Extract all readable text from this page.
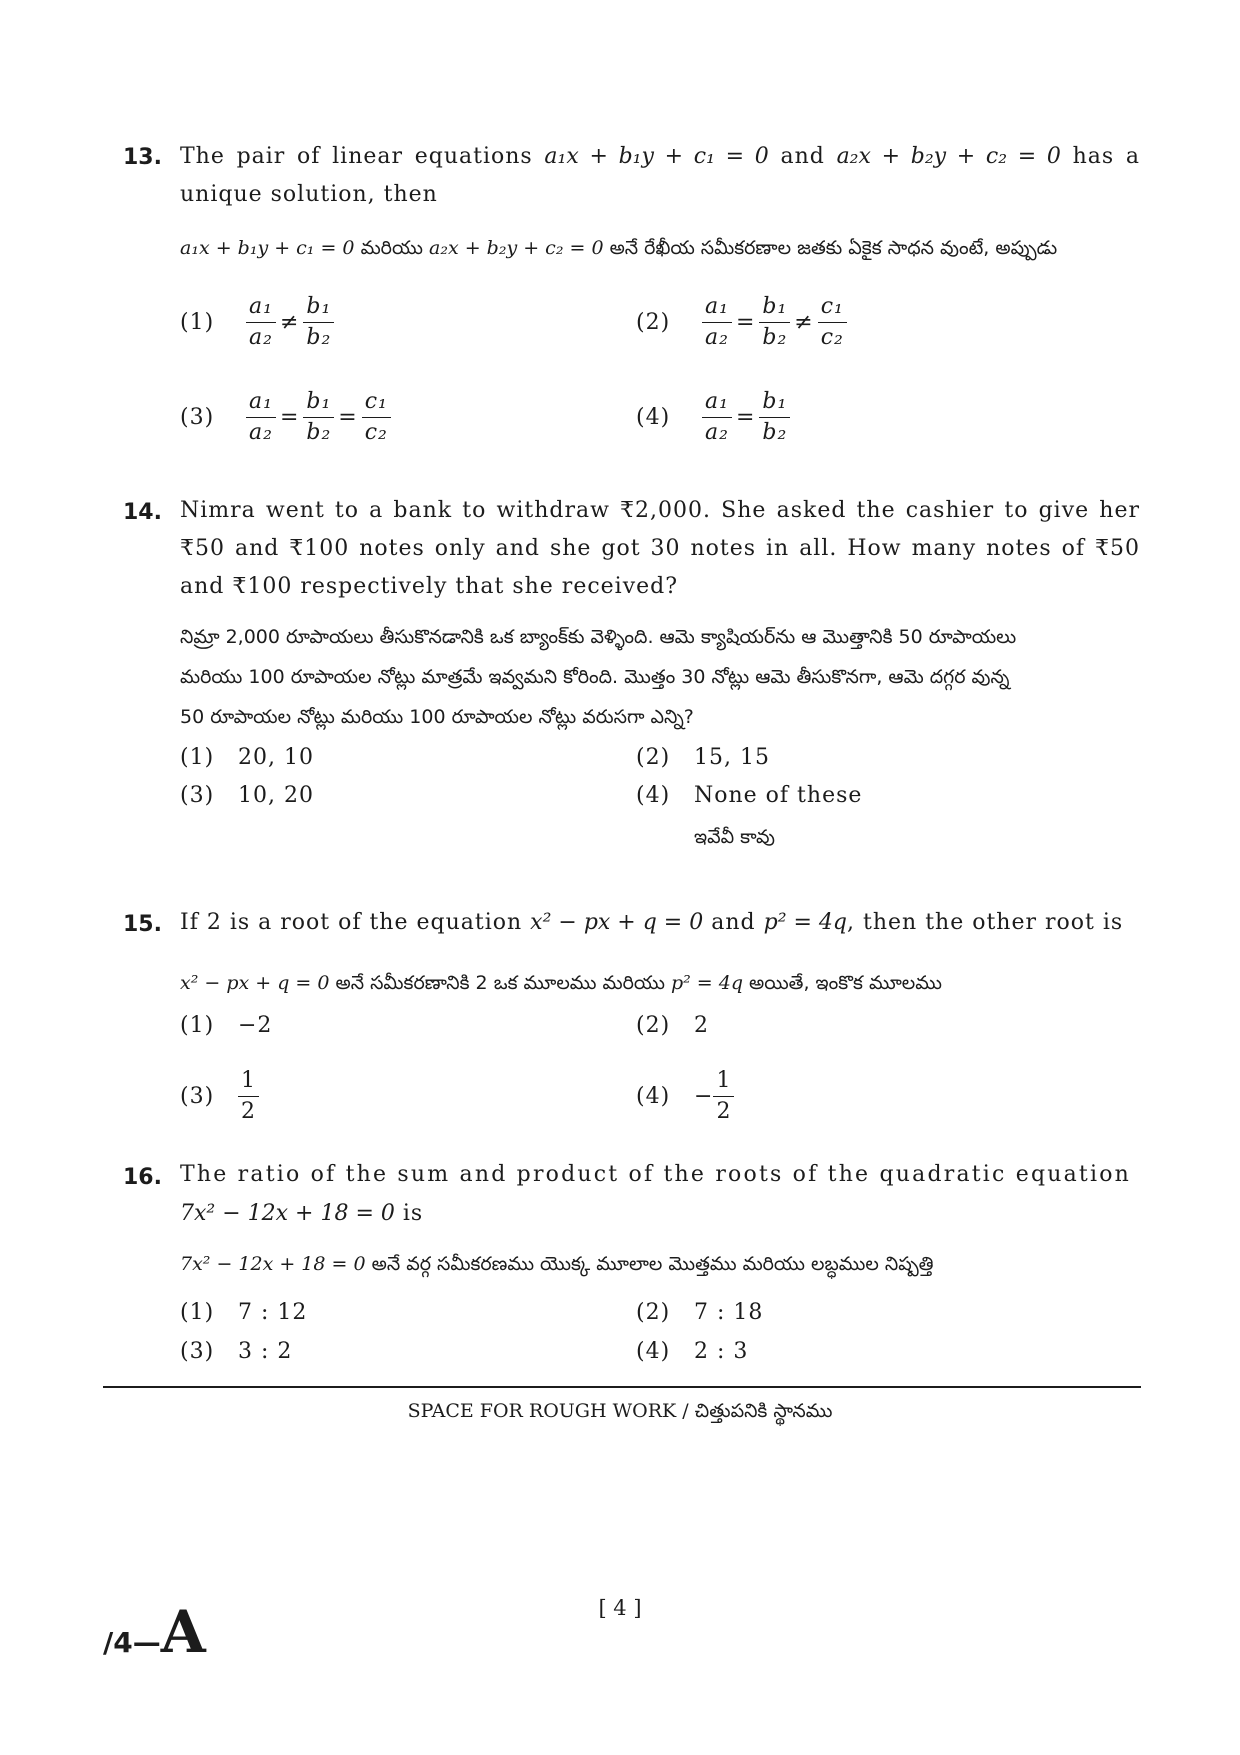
13. The pair of linear equations a₁x + b₁y + c₁ = 0 and a₂x + b₂y + c₂ = 0 has a unique solution, then
a₁x + b₁y + c₁ = 0 మరియు a₂x + b₂y + c₂ = 0 అనే రేఖీయ సమీకరణాల జతకు ఏకైక సాధన వుంటే, అప్పుడు
$(1) \frac{\text{a₁}}{\text{a₂}} \ne \frac{\text{b₁}}{\text{b₂}}$	$(2) \frac{\text{a₁}}{\text{a₂}} = \frac{\text{b₁}}{\text{b₂}} \ne \frac{\text{c₁}}{\text{c₂}}$
$(3) \frac{\text{a₁}}{\text{a₂}} = \frac{\text{b₁}}{\text{b₂}} = \frac{\text{c₁}}{\text{c₂}}$	$(4) \frac{\text{a₁}}{\text{a₂}} = \frac{\text{b₁}}{\text{b₂}}$
14. Nimra went to a bank to withdraw ₹2,000. She asked the cashier to give her ₹50 and ₹100 notes only and she got 30 notes in all. How many notes of ₹50 and ₹100 respectively that she received?
నిమ్రా 2,000 రూపాయలు తీసుకొనడానికి ఒక బ్యాంక్‌కు వెళ్ళింది. ఆమె క్యాషియర్‌ను ఆ మొత్తానికి 50 రూపాయలు
మరియు 100 రూపాయల నోట్లు మాత్రమే ఇవ్వమని కోరింది. మొత్తం 30 నోట్లు ఆమె తీసుకొనగా, ఆమె దగ్గర వున్న
50 రూపాయల నోట్లు మరియు 100 రూపాయల నోట్లు వరుసగా ఎన్ని?
(1) 20, 10	(2) 15, 15
(3) 10, 20	(4) None of these
ఇవేవీ కావు
15. If 2 is a root of the equation x² − px + q = 0 and p² = 4q, then the other root is
x² − px + q = 0 అనే సమీకరణానికి 2 ఒక మూలము మరియు p² = 4q అయితే, ఇంకొక మూలము
(1) −2	(2) 2
$(3) \frac{1}{2}$	$(4) - \frac{1}{2}$
16. The ratio of the sum and product of the roots of the quadratic equation
7x² − 12x + 18 = 0 is
7x² − 12x + 18 = 0 అనే వర్గ సమీకరణము యొక్క మూలాల మొత్తము మరియు లబ్ధముల నిష్పత్తి
(1) 7 : 12	(2) 7 : 18
(3) 3 : 2	(4) 2 : 3
SPACE FOR ROUGH WORK / చిత్తుపనికి స్థానము
/4—A	[ 4 ]
